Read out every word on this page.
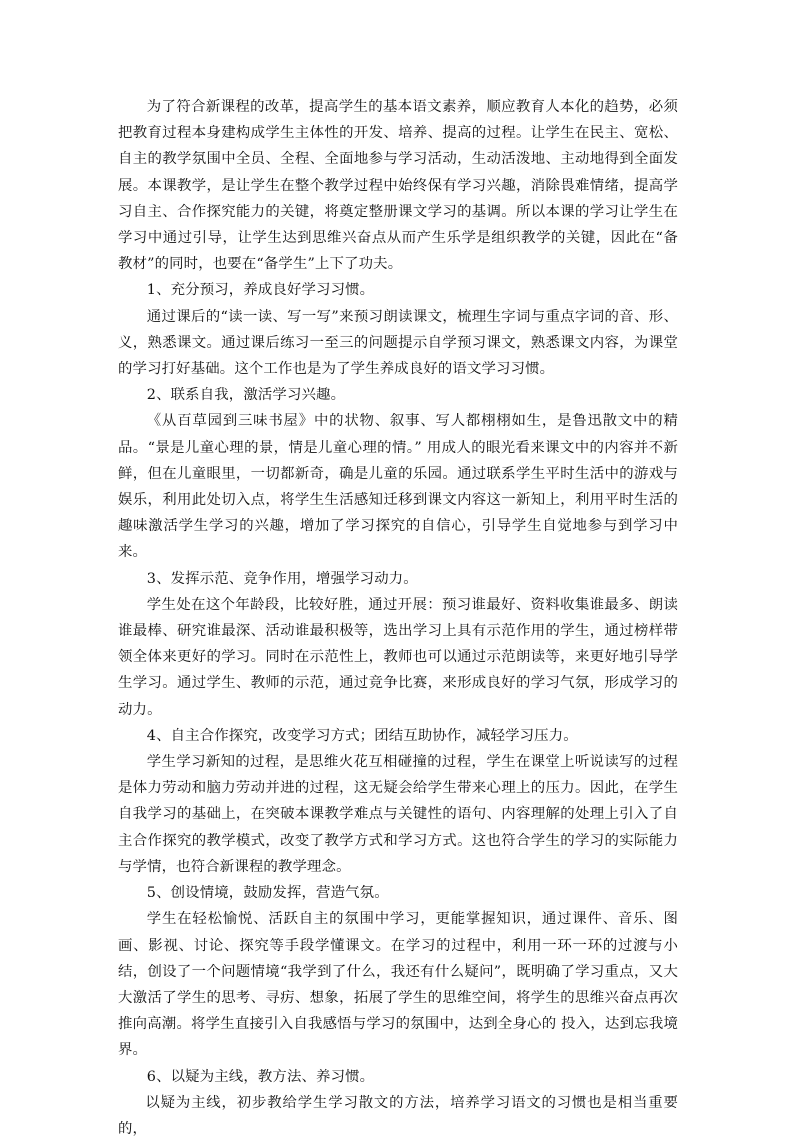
为了符合新课程的改革，提高学生的基本语文素养，顺应教育人本化的趋势，必须把教育过程本身建构成学生主体性的开发、培养、提高的过程。让学生在民主、宽松、自主的教学氛围中全员、全程、全面地参与学习活动，生动活泼地、主动地得到全面发展。本课教学，是让学生在整个教学过程中始终保有学习兴趣，消除畏难情绪，提高学习自主、合作探究能力的关键，将奠定整册课文学习的基调。所以本课的学习让学生在学习中通过引导，让学生达到思维兴奋点从而产生乐学是组织教学的关键，因此在“备教材”的同时，也要在“备学生”上下了功夫。

1、充分预习，养成良好学习习惯。

通过课后的“读一读、写一写”来预习朗读课文，梳理生字词与重点字词的音、形、义，熟悉课文。通过课后练习一至三的问题提示自学预习课文，熟悉课文内容，为课堂的学习打好基础。这个工作也是为了学生养成良好的语文学习习惯。

2、联系自我，激活学习兴趣。

《从百草园到三味书屋》中的状物、叙事、写人都栩栩如生，是鲁迅散文中的精品。“景是儿童心理的景，情是儿童心理的情。” 用成人的眼光看来课文中的内容并不新鲜，但在儿童眼里，一切都新奇，确是儿童的乐园。通过联系学生平时生活中的游戏与娱乐，利用此处切入点，将学生生活感知迁移到课文内容这一新知上，利用平时生活的趣味激活学生学习的兴趣，增加了学习探究的自信心，引导学生自觉地参与到学习中来。

3、发挥示范、竞争作用，增强学习动力。

学生处在这个年龄段，比较好胜，通过开展：预习谁最好、资料收集谁最多、朗读谁最棒、研究谁最深、活动谁最积极等，选出学习上具有示范作用的学生，通过榜样带领全体来更好的学习。同时在示范性上，教师也可以通过示范朗读等，来更好地引导学生学习。通过学生、教师的示范，通过竞争比赛，来形成良好的学习气氛，形成学习的动力。

4、自主合作探究，改变学习方式；团结互助协作，减轻学习压力。

学生学习新知的过程，是思维火花互相碰撞的过程，学生在课堂上听说读写的过程是体力劳动和脑力劳动并进的过程，这无疑会给学生带来心理上的压力。因此，在学生自我学习的基础上，在突破本课教学难点与关键性的语句、内容理解的处理上引入了自主合作探究的教学模式，改变了教学方式和学习方式。这也符合学生的学习的实际能力与学情，也符合新课程的教学理念。

5、创设情境，鼓励发挥，营造气氛。

学生在轻松愉悦、活跃自主的氛围中学习，更能掌握知识，通过课件、音乐、图画、影视、讨论、探究等手段学懂课文。在学习的过程中，利用一环一环的过渡与小结，创设了一个问题情境“我学到了什么，我还有什么疑问”，既明确了学习重点，又大大激活了学生的思考、寻疠、想象，拓展了学生的思维空间，将学生的思维兴奋点再次推向高潮。将学生直接引入自我感悟与学习的氛围中，达到全身心的 投入，达到忘我境界。

6、以疑为主线，教方法、养习惯。

以疑为主线，初步教给学生学习散文的方法，培养学习语文的习惯也是相当重要的，
